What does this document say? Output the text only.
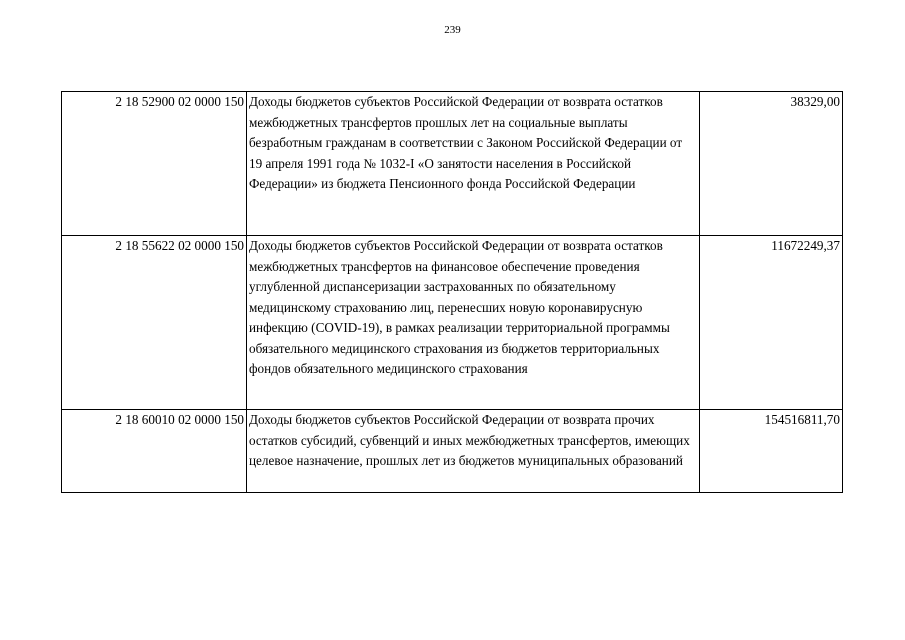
239
2 18 52900 02 0000 150	Доходы бюджетов субъектов Российской Федерации от возврата остатков межбюджетных трансфертов прошлых лет на социальные выплаты безработным гражданам в соответствии с Законом Российской Федерации от 19 апреля 1991 года № 1032-I «О занятости населения в Российской Федерации» из бюджета Пенсионного фонда Российской Федерации	38329,00
2 18 55622 02 0000 150	Доходы бюджетов субъектов Российской Федерации от возврата остатков межбюджетных трансфертов на финансовое обеспечение проведения углубленной диспансеризации застрахованных по обязательному медицинскому страхованию лиц, перенесших новую коронавирусную инфекцию (COVID-19), в рамках реализации территориальной программы обязательного медицинского страхования из бюджетов территориальных фондов обязательного медицинского страхования	11672249,37
2 18 60010 02 0000 150	Доходы бюджетов субъектов Российской Федерации от возврата прочих остатков субсидий, субвенций и иных межбюджетных трансфертов, имеющих целевое назначение, прошлых лет из бюджетов муниципальных образований	154516811,70
